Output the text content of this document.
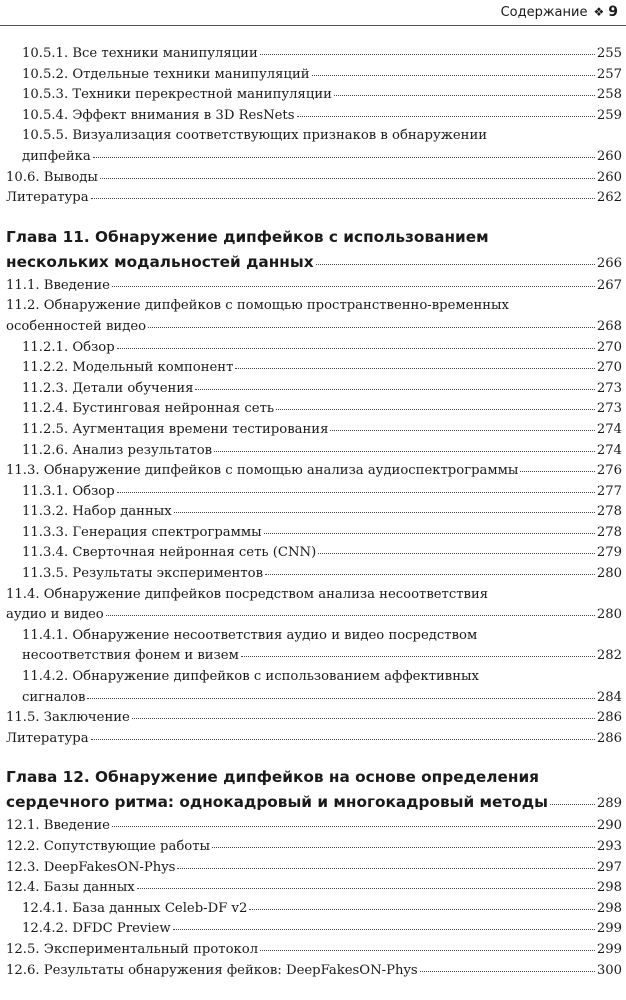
Содержание ❖ 9
10.5.1. Все техники манипуляции	255
10.5.2. Отдельные техники манипуляций	257
10.5.3. Техники перекрестной манипуляции	258
10.5.4. Эффект внимания в 3D ResNets	259
10.5.5. Визуализация соответствующих признаков в обнаружении
дипфейка	260
10.6. Выводы	260
Литература	262
Глава 11. Обнаружение дипфейков с использованием
нескольких модальностей данных	266
11.1. Введение	267
11.2. Обнаружение дипфейков с помощью пространственно-временных
особенностей видео	268
11.2.1. Обзор	270
11.2.2. Модельный компонент	270
11.2.3. Детали обучения	273
11.2.4. Бустинговая нейронная сеть	273
11.2.5. Аугментация времени тестирования	274
11.2.6. Анализ результатов	274
11.3. Обнаружение дипфейков с помощью анализа аудиоспектрограммы	276
11.3.1. Обзор	277
11.3.2. Набор данных	278
11.3.3. Генерация спектрограммы	278
11.3.4. Сверточная нейронная сеть (CNN)	279
11.3.5. Результаты экспериментов	280
11.4. Обнаружение дипфейков посредством анализа несоответствия
аудио и видео	280
11.4.1. Обнаружение несоответствия аудио и видео посредством
несоответствия фонем и визем	282
11.4.2. Обнаружение дипфейков с использованием аффективных
сигналов	284
11.5. Заключение	286
Литература	286
Глава 12. Обнаружение дипфейков на основе определения
сердечного ритма: однокадровый и многокадровый методы	289
12.1. Введение	290
12.2. Сопутствующие работы	293
12.3. DeepFakesON-Phys	297
12.4. Базы данных	298
12.4.1. База данных Celeb-DF v2	298
12.4.2. DFDC Preview	299
12.5. Экспериментальный протокол	299
12.6. Результаты обнаружения фейков: DeepFakesON-Phys	300
